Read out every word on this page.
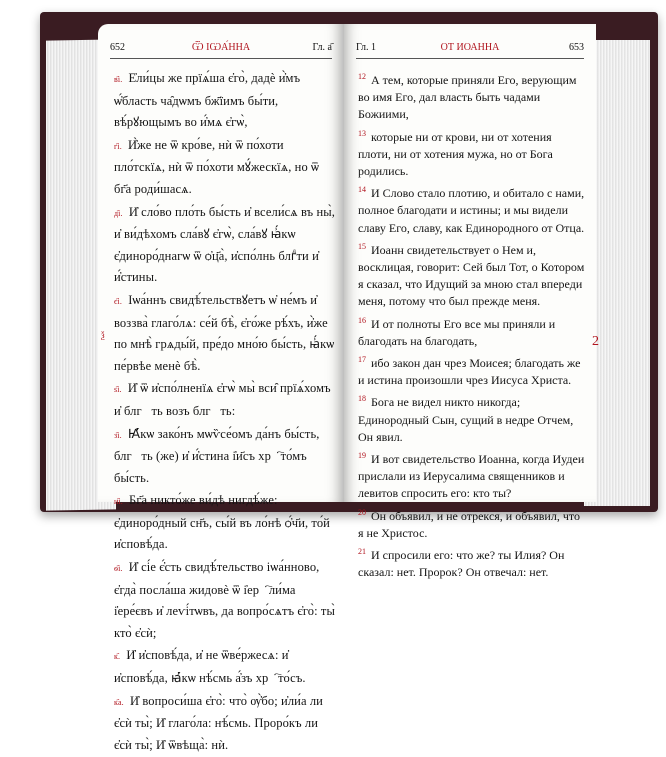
652	Ѿ ІѠА́ННА	Гл. а҃

в҃і. Е҆ли́цы же прїѧ́ша є҆го̀, дадѐ и҆̀мъ ѡ҆́бласть ча̑дѡмъ бж҃їимъ бы́ти, вѣ́рꙋющымъ во и҆́мѧ є҆гѡ̀,

г҃і. И҆̀же не ѿ кро́ве, нѝ ѿ по́хоти пло́тскїѧ, нѝ ѿ по́хоти мꙋ́жескїѧ, но ѿ бг҃а роди́шасѧ.

д҃і. И҆ сло́во пло́ть бы́сть и҆ всели́сѧ въ ны̀, и҆ ви́дѣхомъ сла́вꙋ є҆гѡ̀, сла́вꙋ ꙗ҆́кѡ є҆диноро́днагѡ ѿ ѻ҆ц҃а̀, и҆спо́лнь блгⷣти и҆ и҆́стины.

є҃і. Іѡа́ннъ свидѣ́тельствꙋетъ ѡ҆ не́мъ и҆ воззва̀ глаго́лѧ: се́й бѣ̀, є҆го́же рѣ́хъ, и҆̀же по мнѣ̀ грѧды́й, пре́до мно́ю бы́сть, ꙗ҆́кѡ пе́рвѣе менѐ бѣ̀.

ѕ҃і. И҆ ѿ и҆спо́лненїѧ є҆гѡ̀ мы̀ вси̑ прїѧ́хомъ и҆ блгⷣть возъ блгⷣть:

з҃і. Ꙗ҆́кѡ зако́нъ мѡѷсе́омъ да́нъ бы́сть, блгⷣть (же) и҆ и҆́стина і҆и҃съ хрⷭ҇то́мъ бы́сть.

и҃і. Бг҃а никто́же ви́дѣ нигдѣ́же: є҆диноро́дный сн҃ъ, сы́й въ ло́нѣ ѻ҆́ч҃и, то́й и҆сповѣ́да.

ѳ҃і. И҆ сі́е є҆́сть свидѣ́тельство іѡа́нново, є҆гда̀ посла́ша жидовѐ ѿ і҆ерⷭ҇ли́ма і҆ере́євъ и҆ леѵі́тѡвъ, да вопро́сѧтъ є҆го̀: ты̀ кто̀ є҆сѝ;

к҃. И҆ и҆сповѣ́да, и҆ не ѿве́ржесѧ: и҆ и҆сповѣ́да, ꙗ҆́кѡ нѣ́смь а҆́зъ хрⷭ҇то́съ.

к҃а. И҆ вопроси́ша є҆го̀: что̀ ѹ҆̀бо; и҆ли́а ли є҆сѝ ты̀; И҆ глаго́ла: нѣ́смь. Проро́къ ли є҆сѝ ты̀; И҆ ѿвѣща̀: нѝ.

Гл. 1	ОТ ИОАННА	653

$^{12}$ А тем, которые приняли Его, верующим во имя Его, дал власть быть чадами Божиими,

$^{13}$ которые ни от крови, ни от хотения плоти, ни от хотения мужа, но от Бога родились.

$^{14}$ И Слово стало плотию, и обитало с нами, полное благодати и истины; и мы видели славу Его, славу, как Единородного от Отца.

$^{15}$ Иоанн свидетельствует о Нем и, восклицая, говорит: Сей был Тот, о Котором я сказал, что Идущий за мною стал впереди меня, потому что был прежде меня.

$^{16}$ И от полноты Его все мы приняли и благодать на благодать,

$^{17}$ ибо закон дан чрез Моисея; благодать же и истина произошли чрез Иисуса Христа.

$^{18}$ Бога не видел никто никогда; Единородный Сын, сущий в недре Отчем, Он явил.

$^{19}$ И вот свидетельство Иоанна, когда Иудеи прислали из Иерусалима священников и левитов спросить его: кто ты?

$^{20}$ Он объявил, и не отрекся, и объявил, что я не Христос.

$^{21}$ И спросили его: что же? ты Илия? Он сказал: нет. Пророк? Он отвечал: нет.

ѯ	2
